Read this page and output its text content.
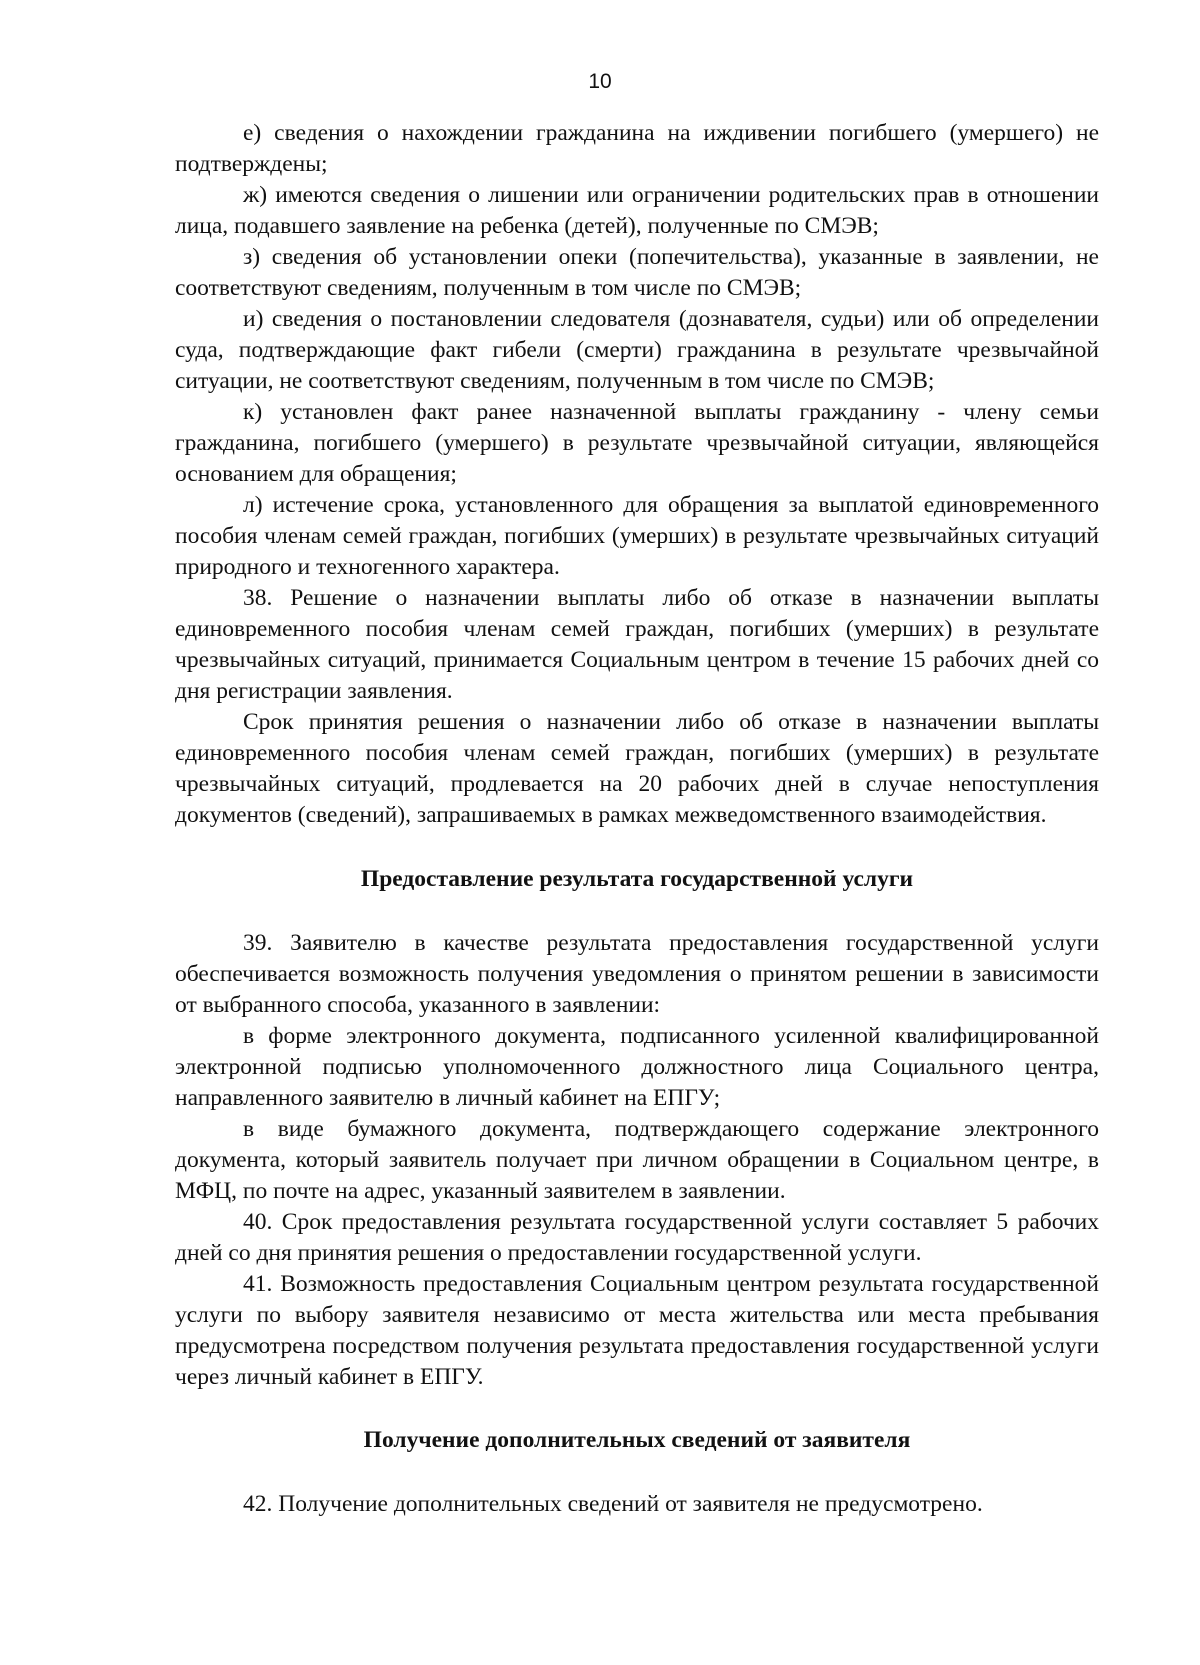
10

е) сведения о нахождении гражданина на иждивении погибшего (умершего) не подтверждены;

ж) имеются сведения о лишении или ограничении родительских прав в отношении лица, подавшего заявление на ребенка (детей), полученные по СМЭВ;

з) сведения об установлении опеки (попечительства), указанные в заявлении, не соответствуют сведениям, полученным в том числе по СМЭВ;

и) сведения о постановлении следователя (дознавателя, судьи) или об определении суда, подтверждающие факт гибели (смерти) гражданина в результате чрезвычайной ситуации, не соответствуют сведениям, полученным в том числе по СМЭВ;

к) установлен факт ранее назначенной выплаты гражданину - члену семьи гражданина, погибшего (умершего) в результате чрезвычайной ситуации, являющейся основанием для обращения;

л) истечение срока, установленного для обращения за выплатой единовременного пособия членам семей граждан, погибших (умерших) в результате чрезвычайных ситуаций природного и техногенного характера.

38. Решение о назначении выплаты либо об отказе в назначении выплаты единовременного пособия членам семей граждан, погибших (умерших) в результате чрезвычайных ситуаций, принимается Социальным центром в течение 15 рабочих дней со дня регистрации заявления.

Срок принятия решения о назначении либо об отказе в назначении выплаты единовременного пособия членам семей граждан, погибших (умерших) в результате чрезвычайных ситуаций, продлевается на 20 рабочих дней в случае непоступления документов (сведений), запрашиваемых в рамках межведомственного взаимодействия.

Предоставление результата государственной услуги

39. Заявителю в качестве результата предоставления государственной услуги обеспечивается возможность получения уведомления о принятом решении в зависимости от выбранного способа, указанного в заявлении:

в форме электронного документа, подписанного усиленной квалифицированной электронной подписью уполномоченного должностного лица Социального центра, направленного заявителю в личный кабинет на ЕПГУ;

в виде бумажного документа, подтверждающего содержание электронного документа, который заявитель получает при личном обращении в Социальном центре, в МФЦ, по почте на адрес, указанный заявителем в заявлении.

40. Срок предоставления результата государственной услуги составляет 5 рабочих дней со дня принятия решения о предоставлении государственной услуги.

41. Возможность предоставления Социальным центром результата государственной услуги по выбору заявителя независимо от места жительства или места пребывания предусмотрена посредством получения результата предоставления государственной услуги через личный кабинет в ЕПГУ.

Получение дополнительных сведений от заявителя

42. Получение дополнительных сведений от заявителя не предусмотрено.
